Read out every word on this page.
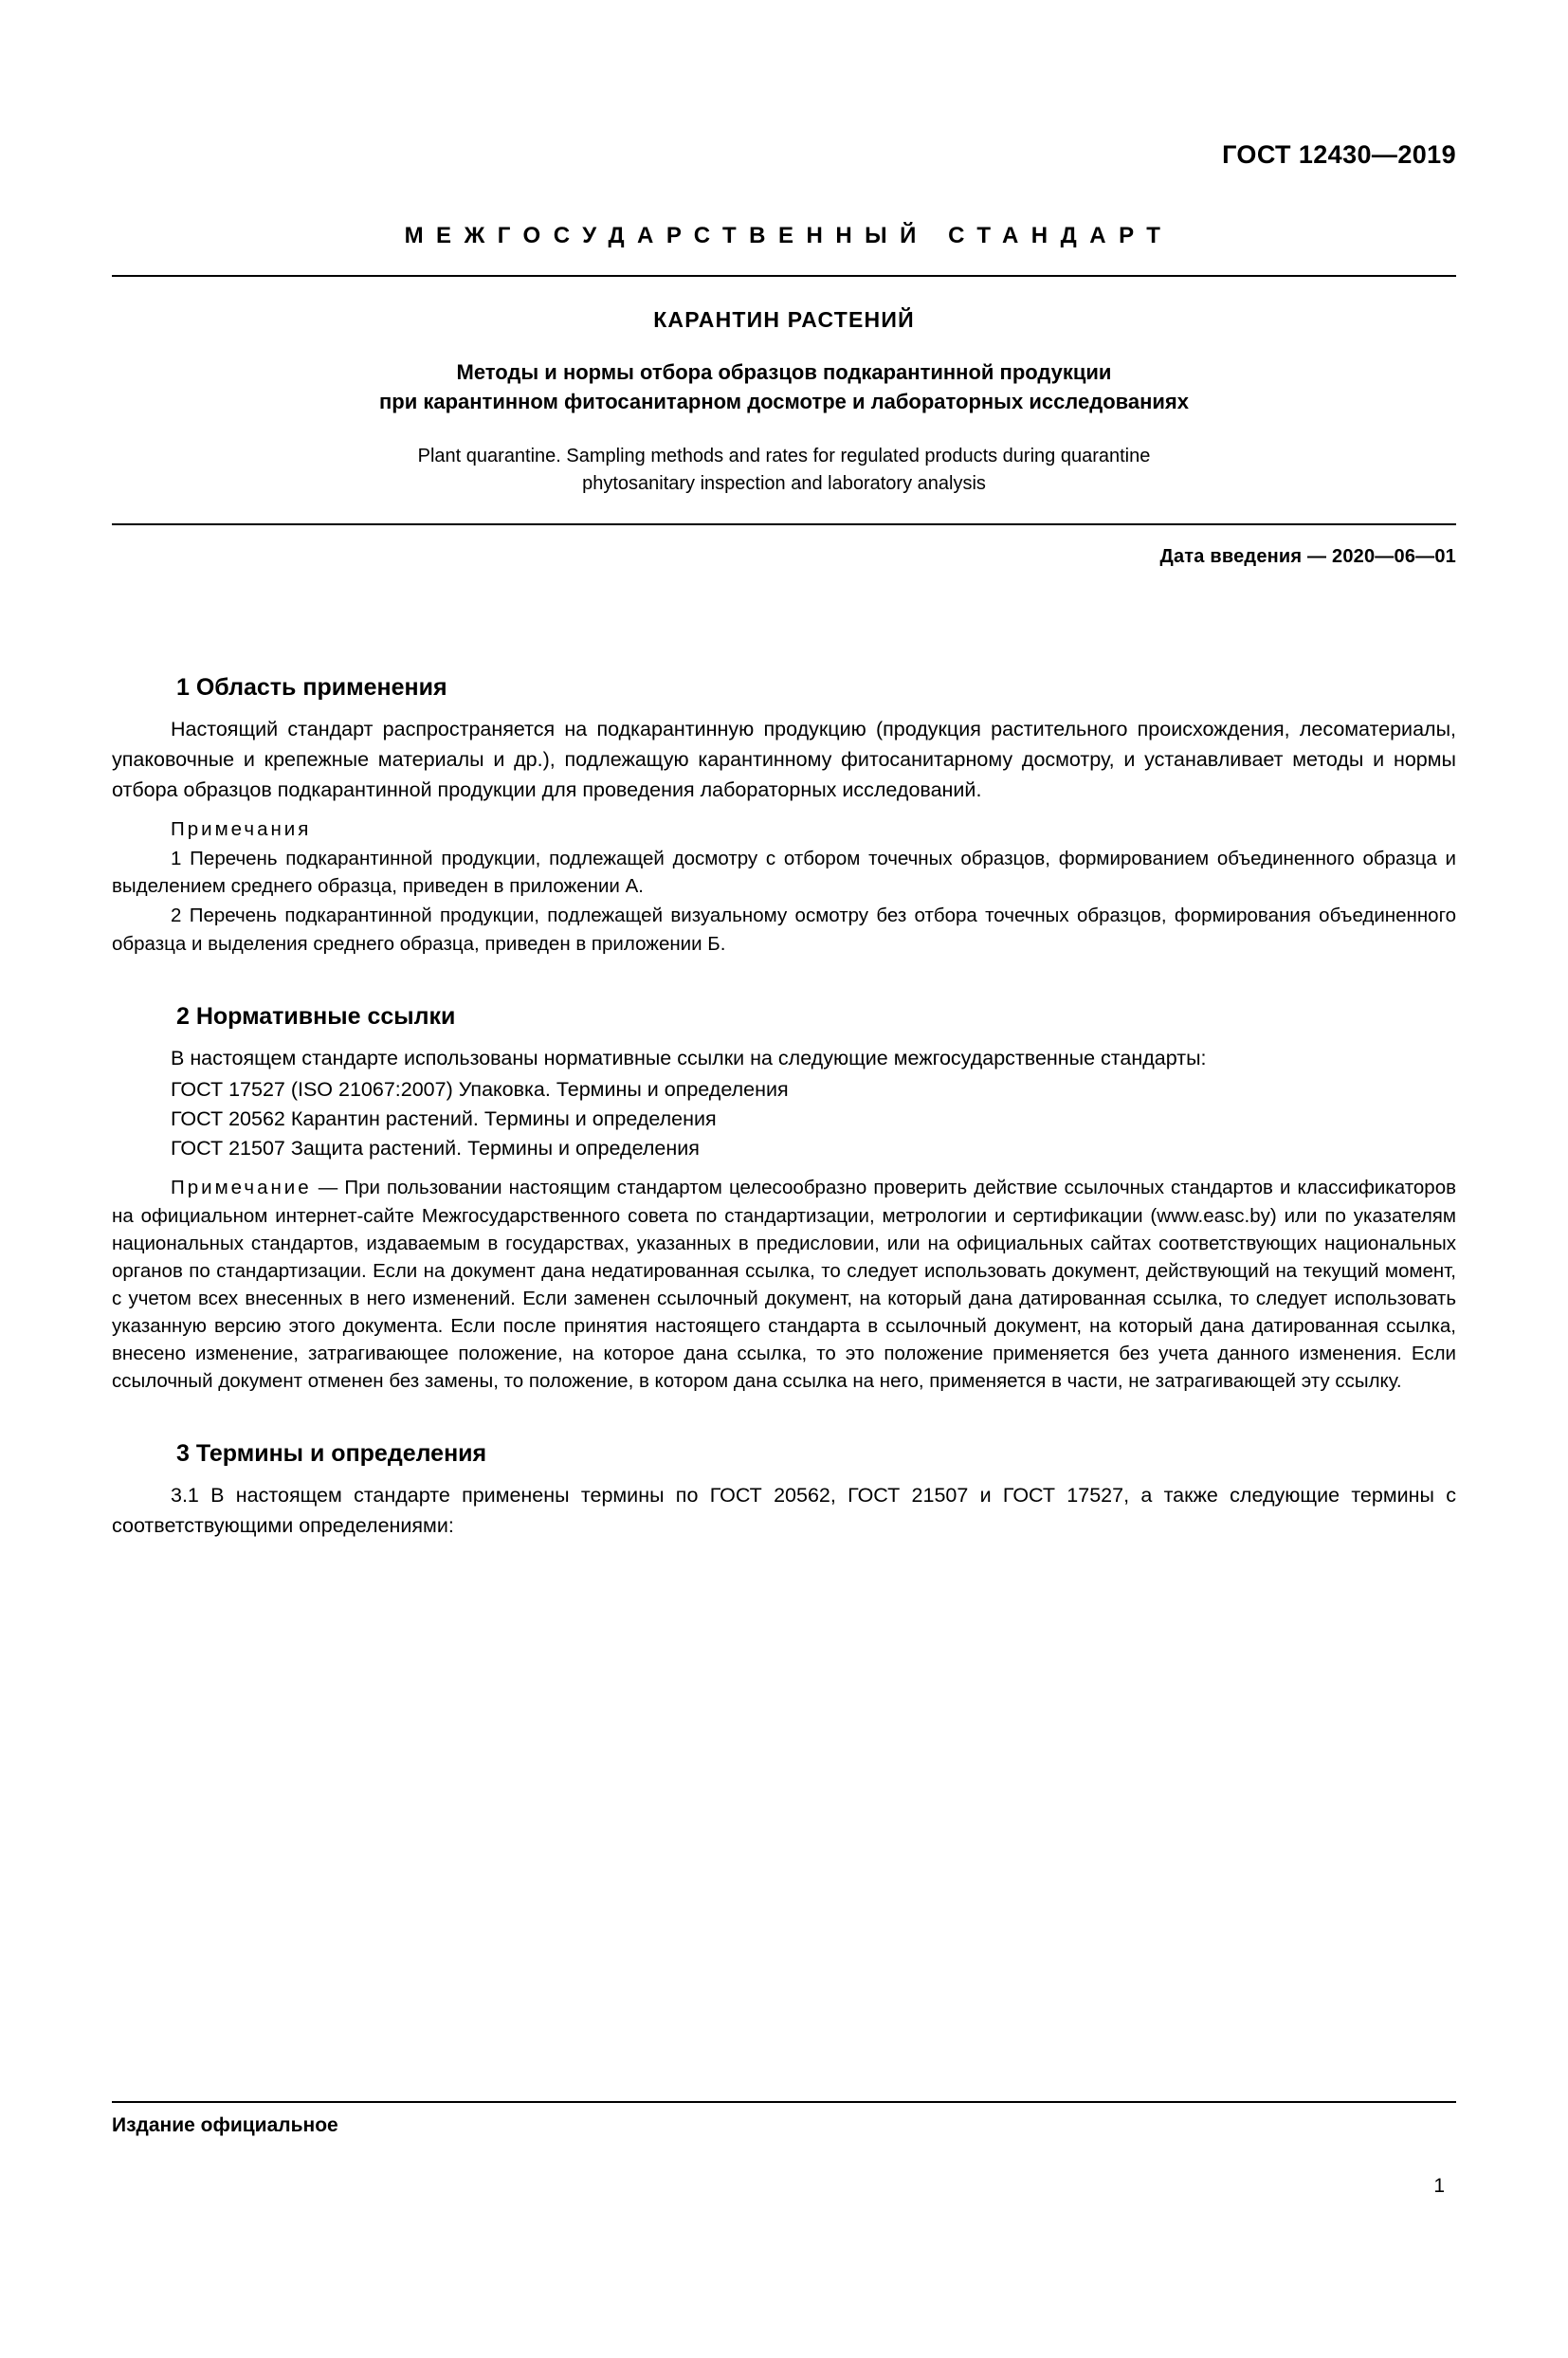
ГОСТ 12430—2019
МЕЖГОСУДАРСТВЕННЫЙ СТАНДАРТ
КАРАНТИН РАСТЕНИЙ
Методы и нормы отбора образцов подкарантинной продукции
при карантинном фитосанитарном досмотре и лабораторных исследованиях
Plant quarantine. Sampling methods and rates for regulated products during quarantine
phytosanitary inspection and laboratory analysis
Дата введения — 2020—06—01
1 Область применения

Настоящий стандарт распространяется на подкарантинную продукцию (продукция растительного происхождения, лесоматериалы, упаковочные и крепежные материалы и др.), подлежащую карантинному фитосанитарному досмотру, и устанавливает методы и нормы отбора образцов подкарантинной продукции для проведения лабораторных исследований.

Примечания

1 Перечень подкарантинной продукции, подлежащей досмотру с отбором точечных образцов, формированием объединенного образца и выделением среднего образца, приведен в приложении А.

2 Перечень подкарантинной продукции, подлежащей визуальному осмотру без отбора точечных образцов, формирования объединенного образца и выделения среднего образца, приведен в приложении Б.

2 Нормативные ссылки

В настоящем стандарте использованы нормативные ссылки на следующие межгосударственные стандарты:

ГОСТ 17527 (ISO 21067:2007) Упаковка. Термины и определения

ГОСТ 20562 Карантин растений. Термины и определения

ГОСТ 21507 Защита растений. Термины и определения

Примечание — При пользовании настоящим стандартом целесообразно проверить действие ссылочных стандартов и классификаторов на официальном интернет-сайте Межгосударственного совета по стандартизации, метрологии и сертификации (www.easc.by) или по указателям национальных стандартов, издаваемым в государствах, указанных в предисловии, или на официальных сайтах соответствующих национальных органов по стандартизации. Если на документ дана недатированная ссылка, то следует использовать документ, действующий на текущий момент, с учетом всех внесенных в него изменений. Если заменен ссылочный документ, на который дана датированная ссылка, то следует использовать указанную версию этого документа. Если после принятия настоящего стандарта в ссылочный документ, на который дана датированная ссылка, внесено изменение, затрагивающее положение, на которое дана ссылка, то это положение применяется без учета данного изменения. Если ссылочный документ отменен без замены, то положение, в котором дана ссылка на него, применяется в части, не затрагивающей эту ссылку.

3 Термины и определения

3.1 В настоящем стандарте применены термины по ГОСТ 20562, ГОСТ 21507 и ГОСТ 17527, а также следующие термины с соответствующими определениями:

Издание официальное
1
